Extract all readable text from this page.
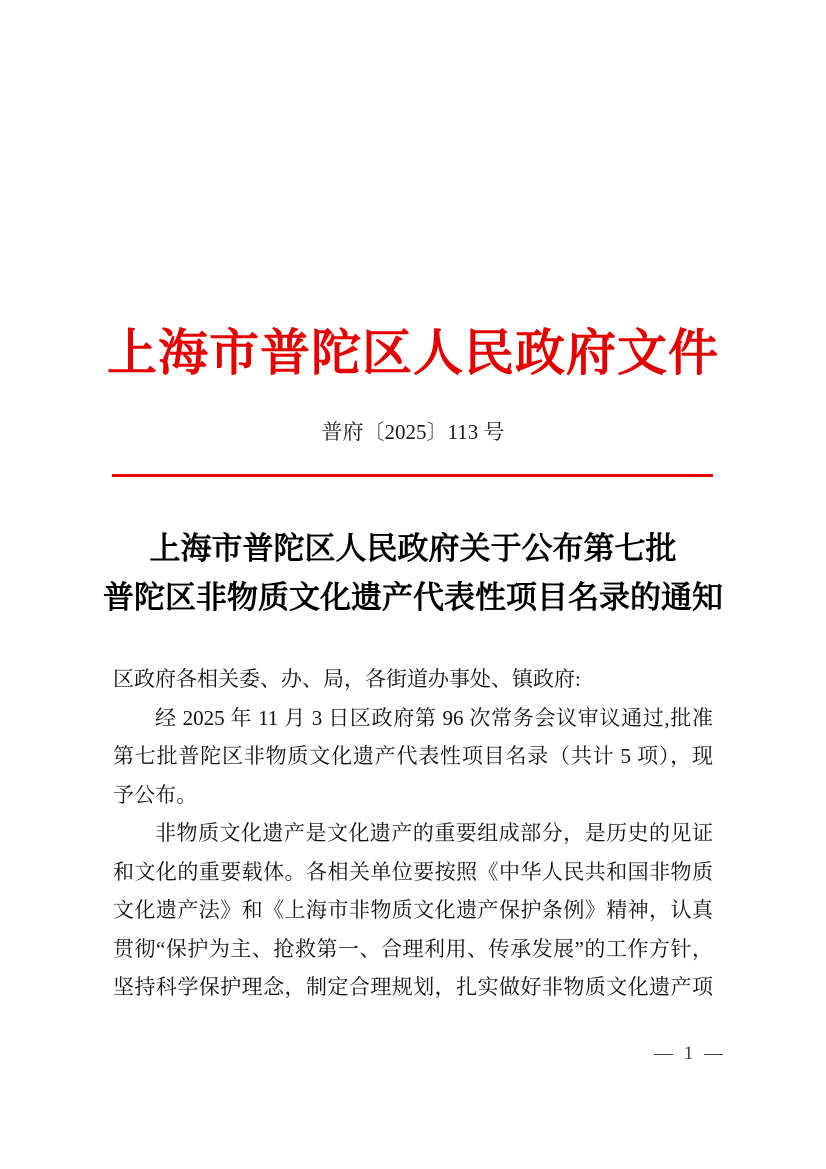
上海市普陀区人民政府文件
普府〔2025〕113 号
上海市普陀区人民政府关于公布第七批
普陀区非物质文化遗产代表性项目名录的通知
区政府各相关委、办、局，各街道办事处、镇政府:
经 2025 年 11 月 3 日区政府第 96 次常务会议审议通过,批准
第七批普陀区非物质文化遗产代表性项目名录（共计 5 项），现
予公布。
非物质文化遗产是文化遗产的重要组成部分，是历史的见证
和文化的重要载体。各相关单位要按照《中华人民共和国非物质
文化遗产法》和《上海市非物质文化遗产保护条例》精神，认真
贯彻“保护为主、抢救第一、合理利用、传承发展”的工作方针，
坚持科学保护理念，制定合理规划，扎实做好非物质文化遗产项
— 1 —
